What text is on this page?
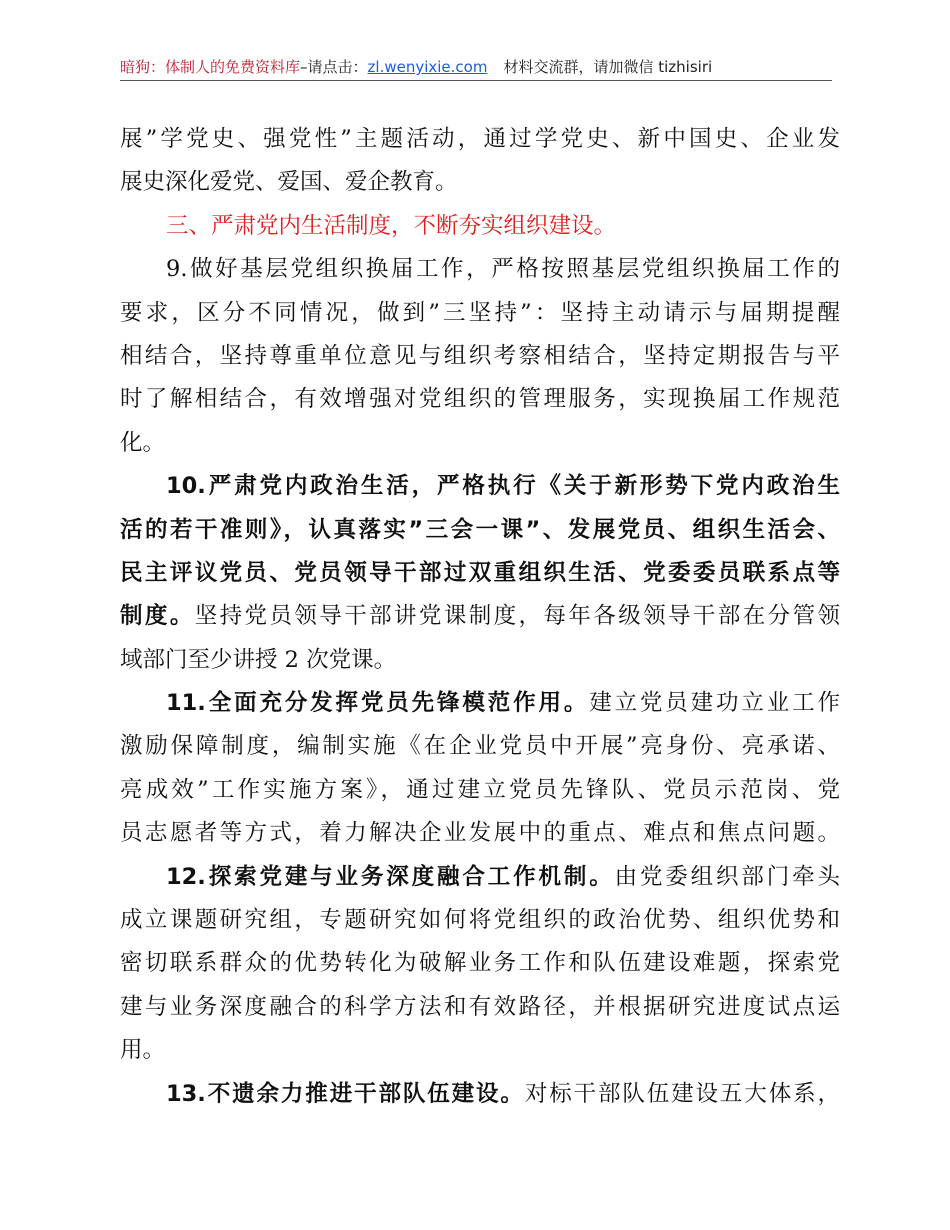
暗狗：体制人的免费资料库–请点击：zl.wenyixie.com 材料交流群，请加微信 tizhisiri
展”学党史、强党性”主题活动，通过学党史、新中国史、企业发
展史深化爱党、爱国、爱企教育。
三、严肃党内生活制度，不断夯实组织建设。
9.做好基层党组织换届工作，严格按照基层党组织换届工作的
要求，区分不同情况，做到”三坚持”：坚持主动请示与届期提醒
相结合，坚持尊重单位意见与组织考察相结合，坚持定期报告与平
时了解相结合，有效增强对党组织的管理服务，实现换届工作规范
化。
10.严肃党内政治生活，严格执行《关于新形势下党内政治生
活的若干准则》，认真落实”三会一课”、发展党员、组织生活会、
民主评议党员、党员领导干部过双重组织生活、党委委员联系点等
制度。坚持党员领导干部讲党课制度，每年各级领导干部在分管领
域部门至少讲授 2 次党课。
11.全面充分发挥党员先锋模范作用。建立党员建功立业工作
激励保障制度，编制实施《在企业党员中开展”亮身份、亮承诺、
亮成效”工作实施方案》，通过建立党员先锋队、党员示范岗、党
员志愿者等方式，着力解决企业发展中的重点、难点和焦点问题。
12.探索党建与业务深度融合工作机制。由党委组织部门牵头
成立课题研究组，专题研究如何将党组织的政治优势、组织优势和
密切联系群众的优势转化为破解业务工作和队伍建设难题，探索党
建与业务深度融合的科学方法和有效路径，并根据研究进度试点运
用。
13.不遗余力推进干部队伍建设。对标干部队伍建设五大体系，
